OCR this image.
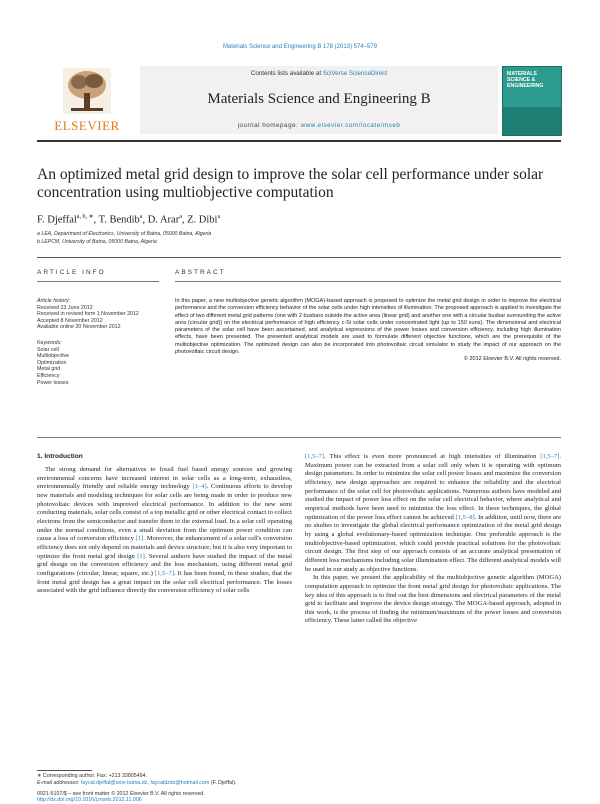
Materials Science and Engineering B 178 (2013) 574–579
ELSEVIER
Contents lists available at SciVerse ScienceDirect
Materials Science and Engineering B
journal homepage: www.elsevier.com/locate/mseb
MATERIALS SCIENCE & ENGINEERING
An optimized metal grid design to improve the solar cell performance under solar concentration using multiobjective computation
F. Djeffal$^{a, b, ∗}$, T. Bendib$^a$, D. Arar$^a$, Z. Dibi$^a$
a LEA, Department of Electronics, University of Batna, 05000 Batna, Algeria
b LEPCM, University of Batna, 05000 Batna, Algeria
ARTICLE INFO	ABSTRACT
Article history:
Received 23 June 2012
Received in revised form 1 November 2012
Accepted 8 November 2012
Available online 20 November 2012
Keywords:
Solar cell
Multiobjective
Optimization
Metal grid
Efficiency
Power losses
In this paper, a new multiobjective genetic algorithm (MOGA)-based approach is proposed to optimize the metal grid design in order to improve the electrical performance and the conversion efficiency behavior of the solar cells under high intensities of illumination. The proposed approach is applied to investigate the effect of two different metal grid patterns (one with 2 busbars outside the active area (linear grid) and another one with a circular busbar surrounding the active area (circular grid)) on the electrical performance of high efficiency c-Si solar cells under concentrated light (up to 150 suns). The dimensional and electrical parameters of the solar cell have been ascertained, and analytical expressions of the power losses and conversion efficiency, including high illumination effects, have been presented. The presented analytical models are used to formulate different objective functions, which are the prerequisite of the multiobjective optimization. The optimized design can also be incorporated into photovoltaic circuit simulator to study the impact of our approach on the photovoltaic circuit design.
© 2012 Elsevier B.V. All rights reserved.
1. Introduction

The strong demand for alternatives to fossil fuel based energy sources and growing environmental concerns have increased interest in solar cells as a long-term, exhaustless, environmentally friendly and reliable energy technology [1–4]. Continuous efforts to develop new materials and modeling techniques for solar cells are being made in order to produce new photovoltaic devices with improved electrical performance. In addition to the new semi conducting materials, solar cells consist of a top metallic grid or other electrical contact to collect electrons from the semiconductor and transfer them to the external load. In a solar cell operating under the normal conditions, even a small deviation from the optimum power condition can cause a loss of conversion efficiency [1]. Moreover, the enhancement of a solar cell's conversion efficiency does not only depend on materials and device structure; but it is also very important to optimize the front metal grid design [1]. Several authors have studied the impact of the metal grid design on the conversion efficiency and the loss mechanism, using different metal grid configurations (circular, linear, square, etc.) [1,5–7]. It has been found, in these studies, that the front metal grid design has a great impact on the solar cell electrical performance. The losses associated with the grid influence directly the conversion efficiency of solar cells

[1,5–7]. This effect is even more pronounced at high intensities of illumination [1,5–7]. Maximum power can be extracted from a solar cell only when it is operating with optimum design parameters. In order to minimize the solar cell power losses and maximize the conversion efficiency, new design approaches are required to enhance the reliability and the electrical performance of the solar cell for photovoltaic applications. Numerous authors have modeled and studied the impact of power loss effect on the solar cell electrical behavior, where analytical and empirical methods have been used to minimize the loss effect. In these techniques, the global optimization of the power loss effect cannot be achieved [1,5–8]. In addition, until now, there are no studies to investigate the global electrical performance optimization of the metal grid design by using a global evolutionary-based optimization technique. One preferable approach is the multiobjective-based optimization, which could provide practical solutions for the photovoltaic circuit design. The first step of our approach consists of an accurate analytical presentation of different loss mechanisms including solar illumination effect. The different analytical models will be used in our study as objective functions.

In this paper, we present the applicability of the multiobjective genetic algorithm (MOGA) computation approach to optimize the front metal grid design for photovoltaic applications. The key idea of this approach is to find out the best dimensions and electrical parameters of the metal grid to facilitate and improve the device design strategy. The MOGA-based approach, adopted in this work, is the process of finding the minimum/maximum of the power losses and conversion efficiency. These latter called the objective

∗ Corresponding author. Fax: +213 33805494.
E-mail addresses: faycal.djeffal@univ-batna.dz, faycaldzdz@hotmail.com (F. Djeffal).
0921-5107/$ – see front matter © 2012 Elsevier B.V. All rights reserved.
http://dx.doi.org/10.1016/j.mseb.2012.11.006
